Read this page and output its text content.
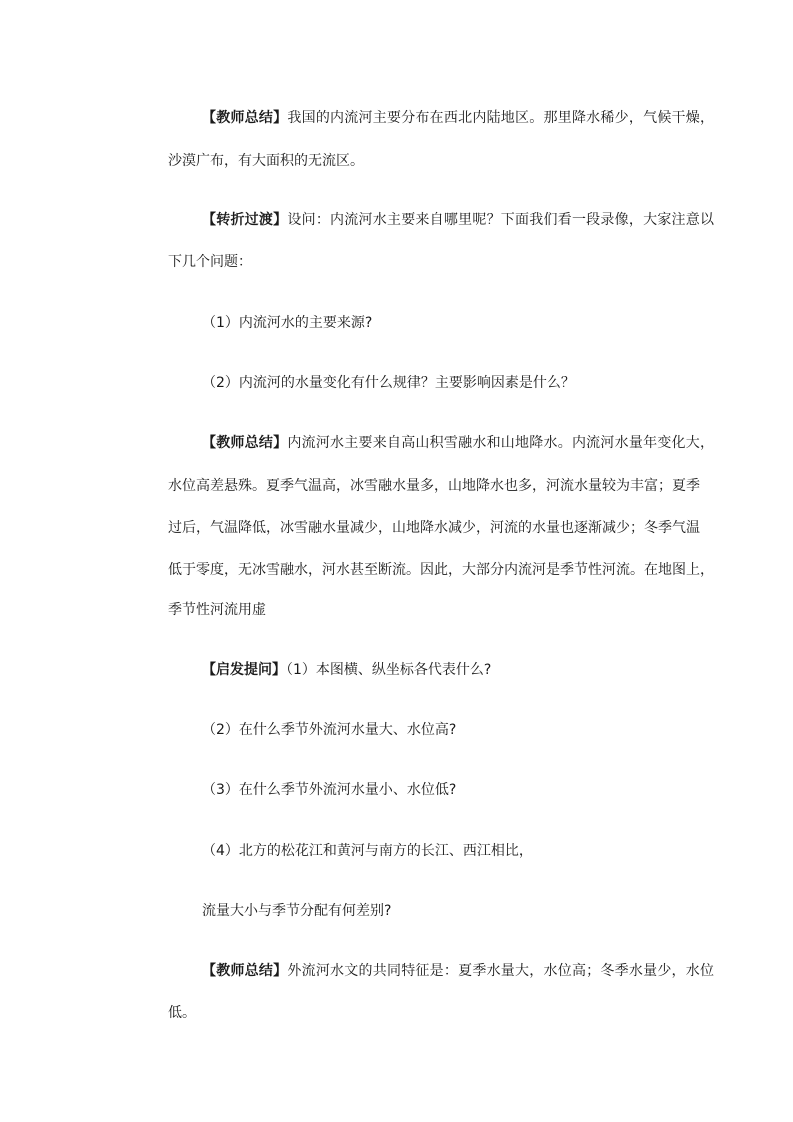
【教师总结】我国的内流河主要分布在西北内陆地区。那里降水稀少，气候干燥，
沙漠广布，有大面积的无流区。
【转折过渡】设问：内流河水主要来自哪里呢？下面我们看一段录像，大家注意以
下几个问题：
（1）内流河水的主要来源?
（2）内流河的水量变化有什么规律？主要影响因素是什么？
【教师总结】内流河水主要来自高山积雪融水和山地降水。内流河水量年变化大，
水位高差悬殊。夏季气温高，冰雪融水量多，山地降水也多，河流水量较为丰富；夏季
过后，气温降低，冰雪融水量减少，山地降水减少，河流的水量也逐渐减少；冬季气温
低于零度，无冰雪融水，河水甚至断流。因此，大部分内流河是季节性河流。在地图上，
季节性河流用虚
【启发提问】（1）本图横、纵坐标各代表什么?
（2）在什么季节外流河水量大、水位高?
（3）在什么季节外流河水量小、水位低?
（4）北方的松花江和黄河与南方的长江、西江相比，
流量大小与季节分配有何差别?
【教师总结】外流河水文的共同特征是：夏季水量大，水位高；冬季水量少，水位
低。
